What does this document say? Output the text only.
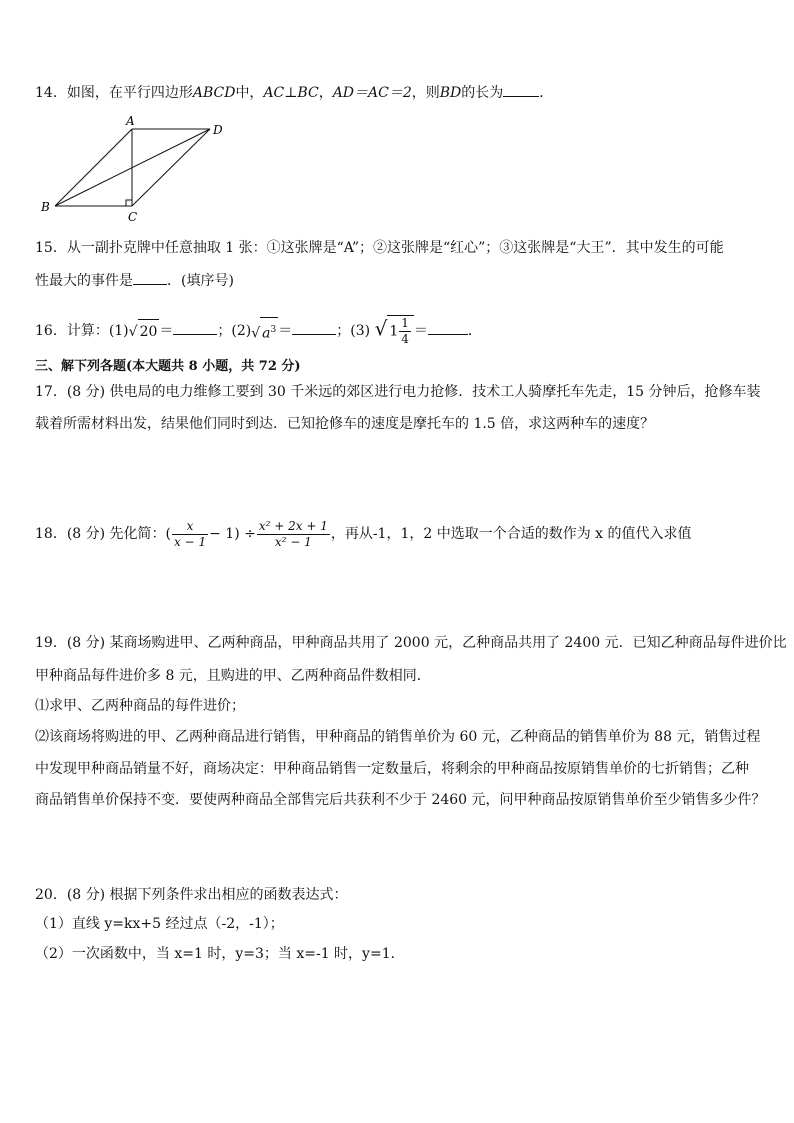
14．如图，在平行四边形ABCD中，AC⊥BC，AD＝AC＝2，则BD的长为	．
A
D
B
C
15．从一副扑克牌中任意抽取 1 张：①这张牌是“A”；②这张牌是“红心”；③这张牌是“大王”．其中发生的可能
性最大的事件是 ．(填序号)
16．计算：(1)√ 20 ＝	；(2)√ $a^3$ ＝	；(3) √ $1 \frac{1}{4}$ ＝	．
三、解下列各题(本大题共 8 小题，共 72 分)
17．(8 分) 供电局的电力维修工要到 30 千米远的郊区进行电力抢修．技术工人骑摩托车先走，15 分钟后，抢修车装
载着所需材料出发，结果他们同时到达．已知抢修车的速度是摩托车的 1.5 倍，求这两种车的速度？
18．(8 分) 先化简：( $\frac{x}{x - 1} - 1) \div \frac{\text{x² + 2x + 1}}{\text{x² − 1}}$ ，再从-1，1，2 中选取一个合适的数作为 x 的值代入求值
19．(8 分) 某商场购进甲、乙两种商品，甲种商品共用了 2000 元，乙种商品共用了 2400 元．已知乙种商品每件进价比
甲种商品每件进价多 8 元，且购进的甲、乙两种商品件数相同．
⑴求甲、乙两种商品的每件进价；
⑵该商场将购进的甲、乙两种商品进行销售，甲种商品的销售单价为 60 元，乙种商品的销售单价为 88 元，销售过程
中发现甲种商品销量不好，商场决定：甲种商品销售一定数量后，将剩余的甲种商品按原销售单价的七折销售；乙种
商品销售单价保持不变．要使两种商品全部售完后共获利不少于 2460 元，问甲种商品按原销售单价至少销售多少件？
20．(8 分) 根据下列条件求出相应的函数表达式：
（1）直线 y=kx+5 经过点（-2，-1）；
（2）一次函数中，当 x=1 时，y=3；当 x=-1 时，y=1．
